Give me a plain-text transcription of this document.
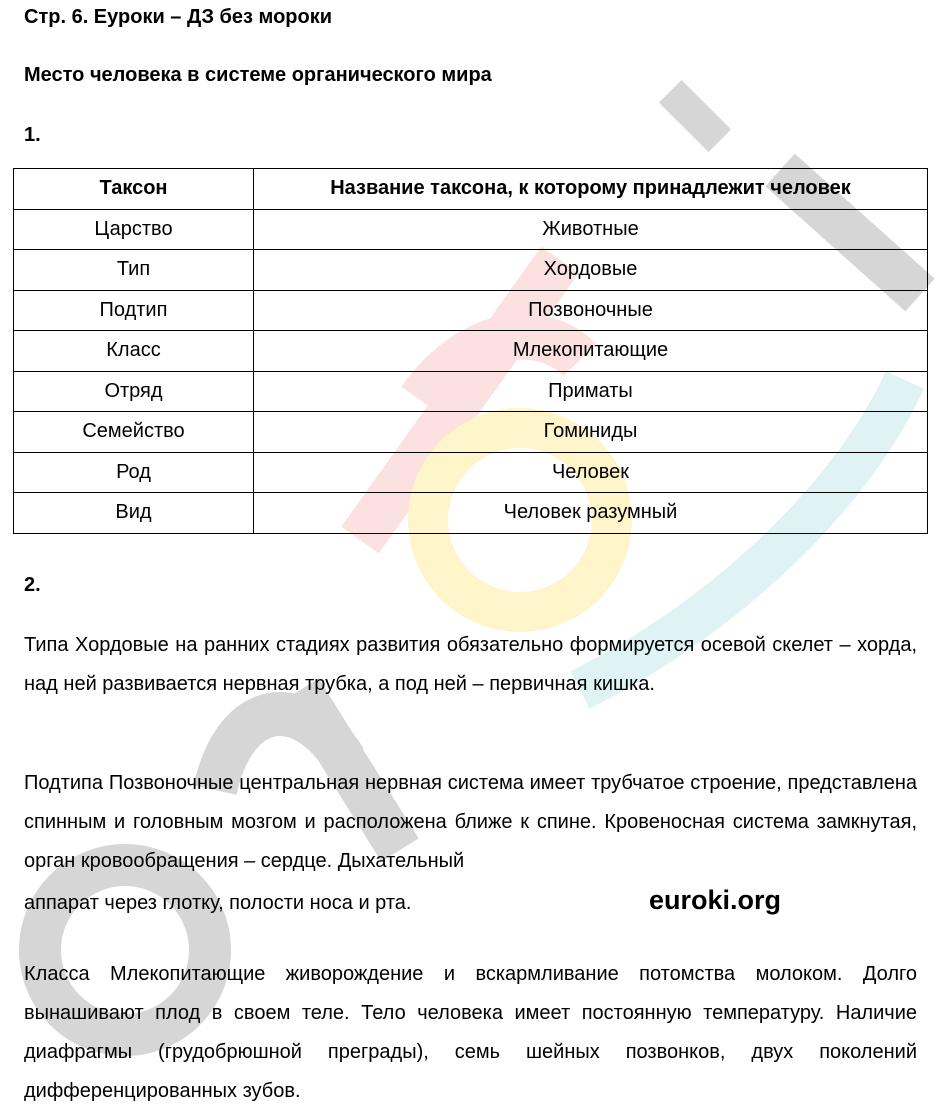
Стр. 6. Еуроки – ДЗ без мороки
Место человека в системе органического мира
1.
Таксон	Название таксона, к которому принадлежит человек
Царство	Животные
Тип	Хордовые
Подтип	Позвоночные
Класс	Млекопитающие
Отряд	Приматы
Семейство	Гоминиды
Род	Человек
Вид	Человек разумный
2.

Типа Хордовые на ранних стадиях развития обязательно формируется осевой скелет – хорда, над ней развивается нервная трубка, а под ней – первичная кишка.

Подтипа Позвоночные центральная нервная система имеет трубчатое строение, представлена спинным и головным мозгом и расположена ближе к спине. Кровеносная система замкнутая, орган кровообращения – сердце. Дыхательный
аппарат через глотку, полости носа и рта.	euroki.org

Класса Млекопитающие живорождение и вскармливание потомства молоком. Долго вынашивают плод в своем теле. Тело человека имеет постоянную температуру. Наличие диафрагмы (грудобрюшной преграды), семь шейных позвонков, двух поколений дифференцированных зубов.
